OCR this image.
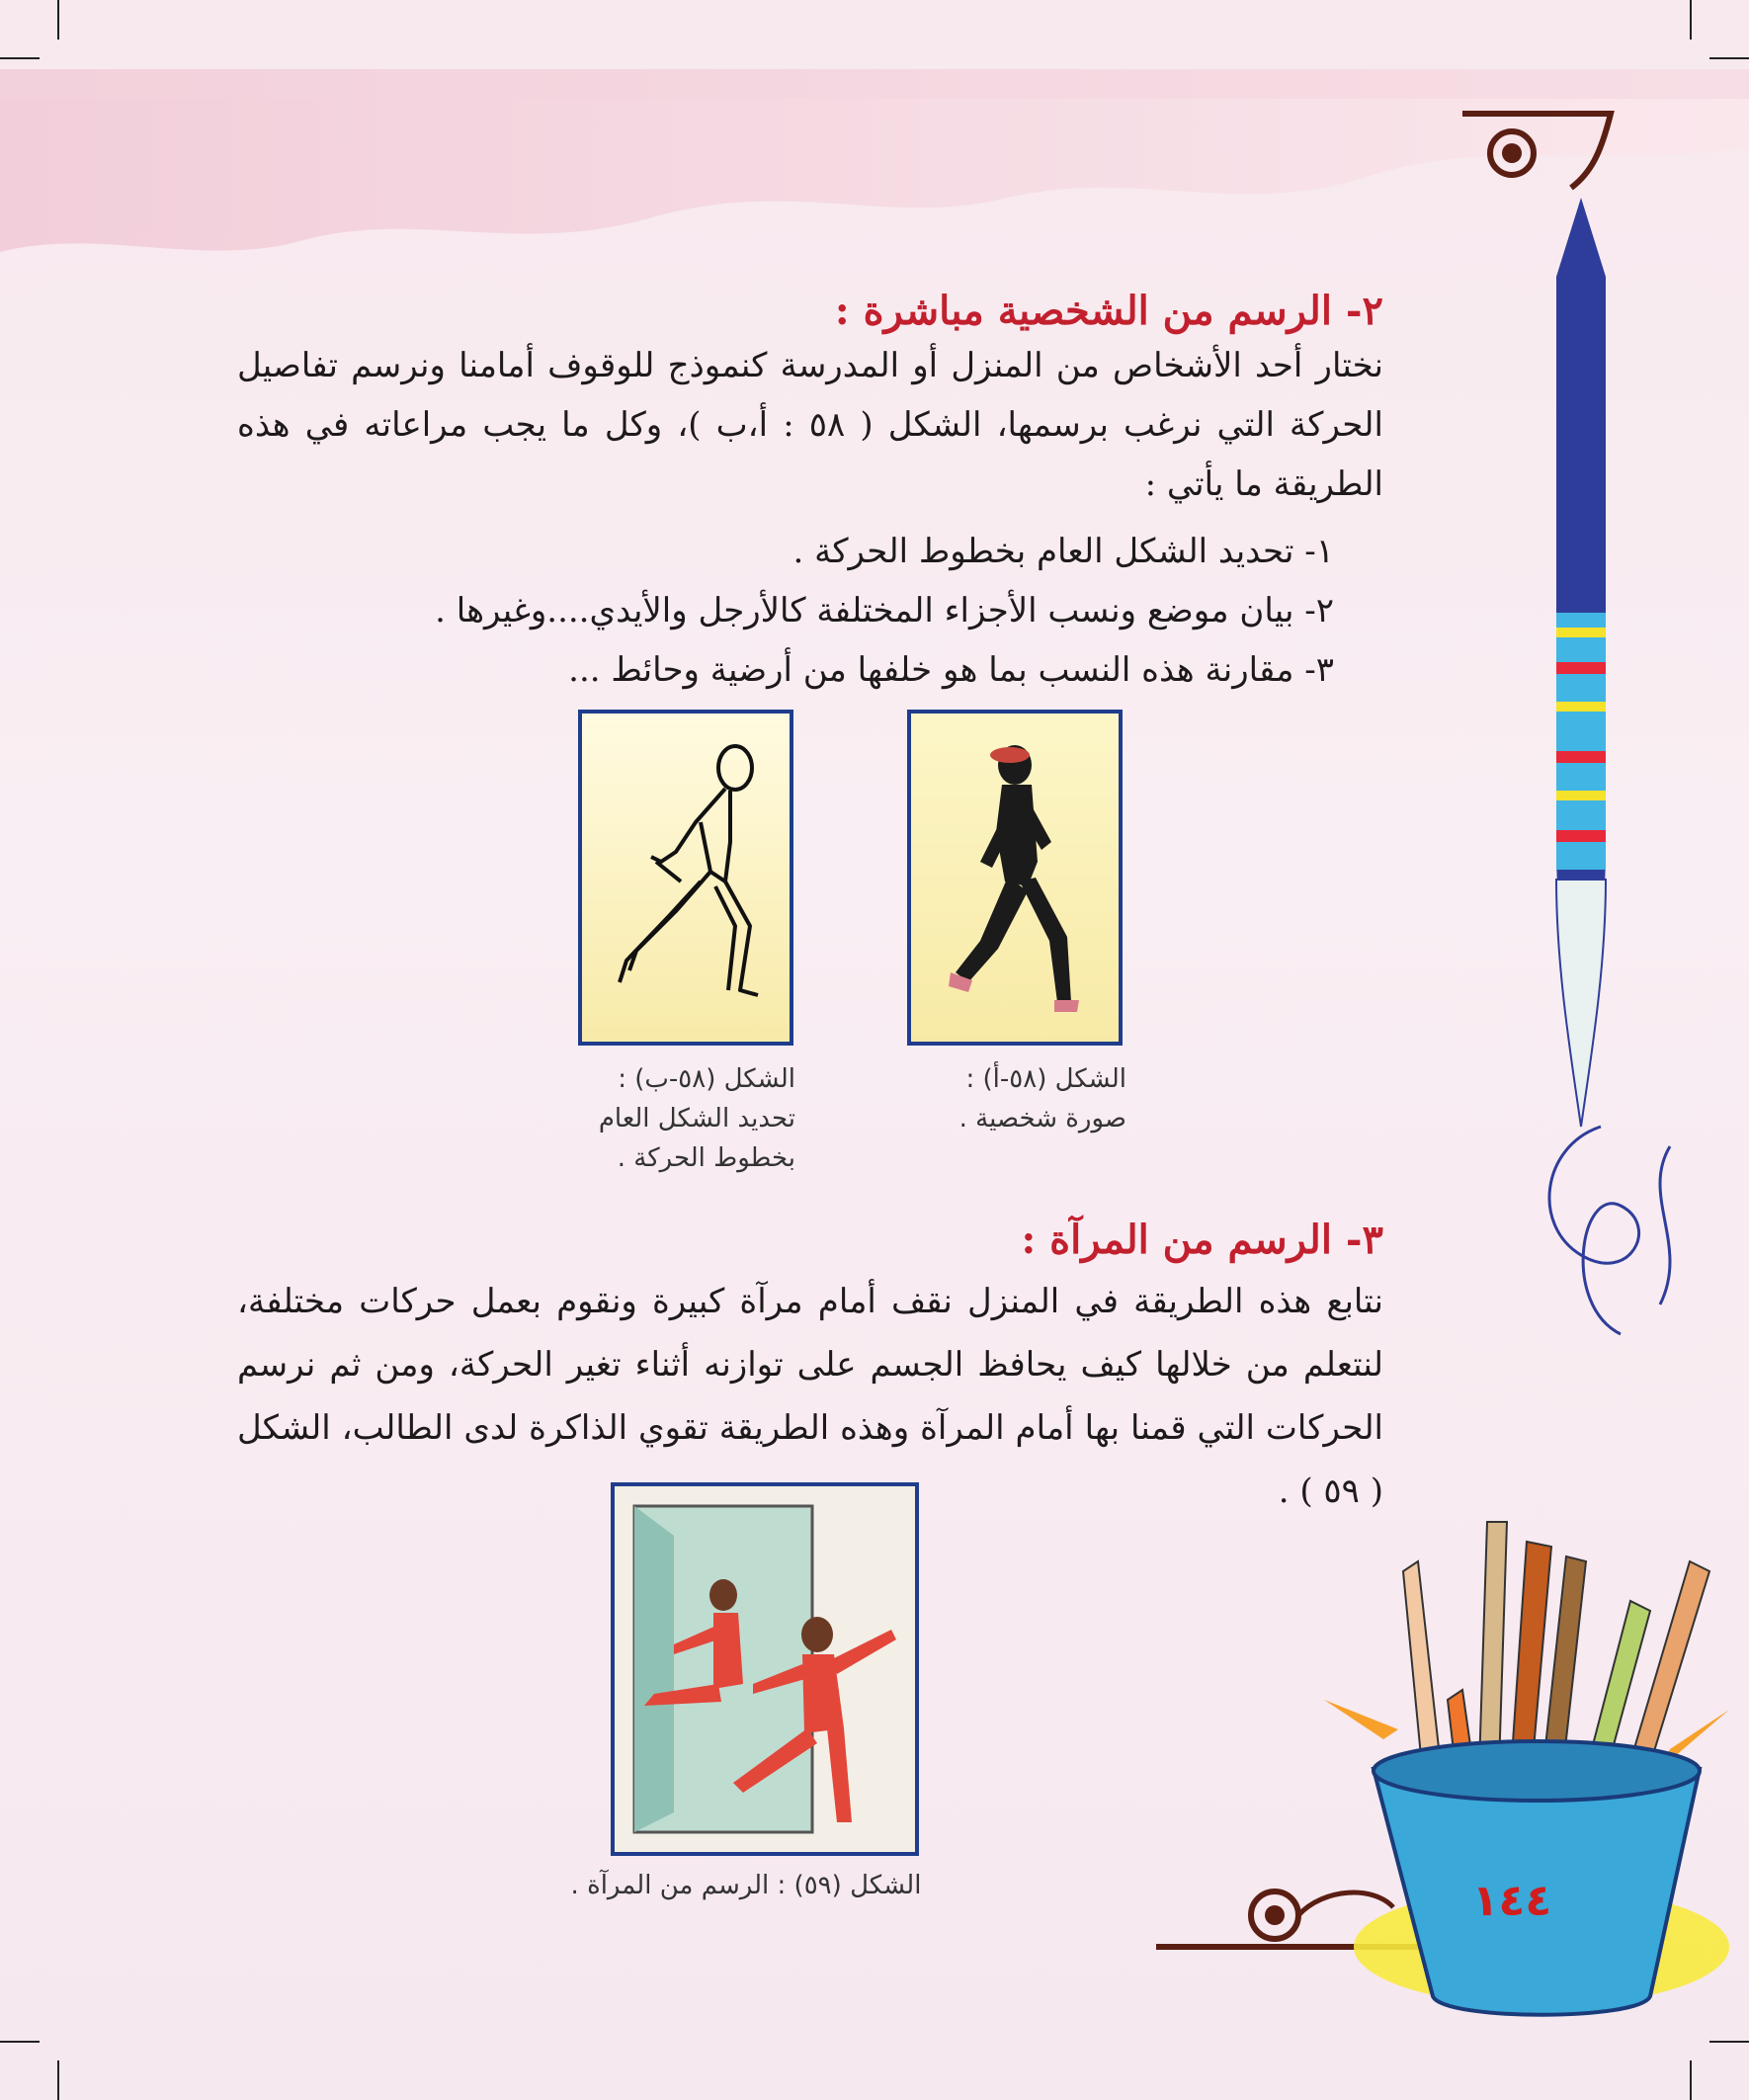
٢- الرسم من الشخصية مباشرة :

نختار أحد الأشخاص من المنزل أو المدرسة كنموذج للوقوف أمامنا ونرسم تفاصيل الحركة التي نرغب برسمها، الشكل ( ٥٨ : أ،ب )، وكل ما يجب مراعاته في هذه الطريقة ما يأتي :

١- تحديد الشكل العام بخطوط الحركة .
٢- بيان موضع ونسب الأجزاء المختلفة كالأرجل والأيدي....وغيرها .
٣- مقارنة هذه النسب بما هو خلفها من أرضية وحائط ...
الشكل (٥٨-أ) :
صورة شخصية .
الشكل (٥٨-ب) :
تحديد الشكل العام
بخطوط الحركة .
٣- الرسم من المرآة :

نتابع هذه الطريقة في المنزل نقف أمام مرآة كبيرة ونقوم بعمل حركات مختلفة، لنتعلم من خلالها كيف يحافظ الجسم على توازنه أثناء تغير الحركة، ومن ثم نرسم الحركات التي قمنا بها أمام المرآة وهذه الطريقة تقوي الذاكرة لدى الطالب، الشكل ( ٥٩ ) .

الشكل (٥٩) : الرسم من المرآة .	١٤٤
